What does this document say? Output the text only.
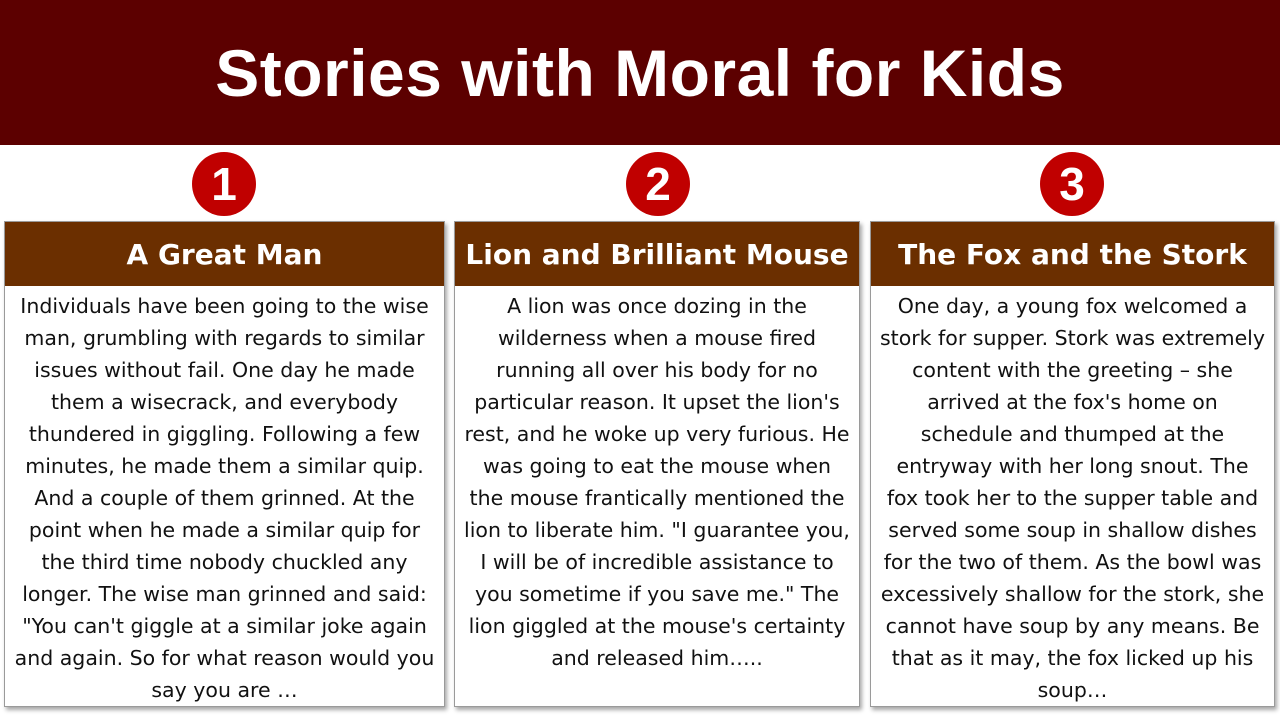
Stories with Moral for Kids
1	2	3
A Great Man
Individuals have been going to the wise man, grumbling with regards to similar issues without fail. One day he made them a wisecrack, and everybody thundered in giggling. Following a few minutes, he made them a similar quip. And a couple of them grinned. At the point when he made a similar quip for the third time nobody chuckled any longer. The wise man grinned and said: "You can't giggle at a similar joke again and again. So for what reason would you say you are …
Lion and Brilliant Mouse
A lion was once dozing in the wilderness when a mouse fired running all over his body for no particular reason. It upset the lion's rest, and he woke up very furious. He was going to eat the mouse when the mouse frantically mentioned the lion to liberate him. "I guarantee you, I will be of incredible assistance to you sometime if you save me." The lion giggled at the mouse's certainty and released him…..
The Fox and the Stork
One day, a young fox welcomed a stork for supper. Stork was extremely content with the greeting – she arrived at the fox's home on schedule and thumped at the entryway with her long snout. The fox took her to the supper table and served some soup in shallow dishes for the two of them. As the bowl was excessively shallow for the stork, she cannot have soup by any means. Be that as it may, the fox licked up his soup…
